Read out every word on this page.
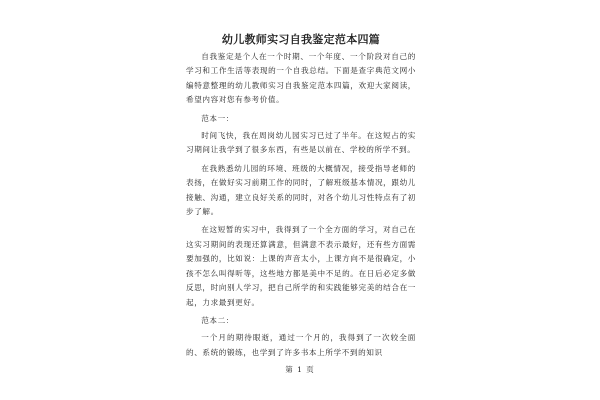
幼儿教师实习自我鉴定范本四篇

自我鉴定是个人在一个时期、一个年度、一个阶段对自己的学习和工作生活等表现的一个自我总结。下面是查字典范文网小编特意整理的幼儿教师实习自我鉴定范本四篇，欢迎大家阅读，希望内容对您有参考价值。

范本一：

时间飞快，我在周岗幼儿园实习已过了半年。在这短占的实习期间让我学到了很多东西，有些是以前在、学校的所学不到。

在我熟悉幼儿园的环境、班级的大概情况，接受指导老师的表扬，在做好实习前期工作的同时，了解班级基本情况，跟幼儿接触、沟通，建立良好关系的同时，对各个幼儿习性特点有了初步了解。

在这短暂的实习中，我得到了一个全方面的学习，对自己在这实习期间的表现还算满意，但满意不表示最好，还有些方面需要加强的，比如说：上课的声音太小，上课方向不是很确定，小孩不怎么叫得听等，这些地方都是美中不足的。在日后必定多做反思，时向别人学习，把自己所学的和实践能够完美的结合在一起，力求最到更好。

范本二：

一个月的期待眼逝，通过一个月的，我得到了一次较全面的、系统的锻练，也学到了许多书本上所学不到的知识

第 1 页
